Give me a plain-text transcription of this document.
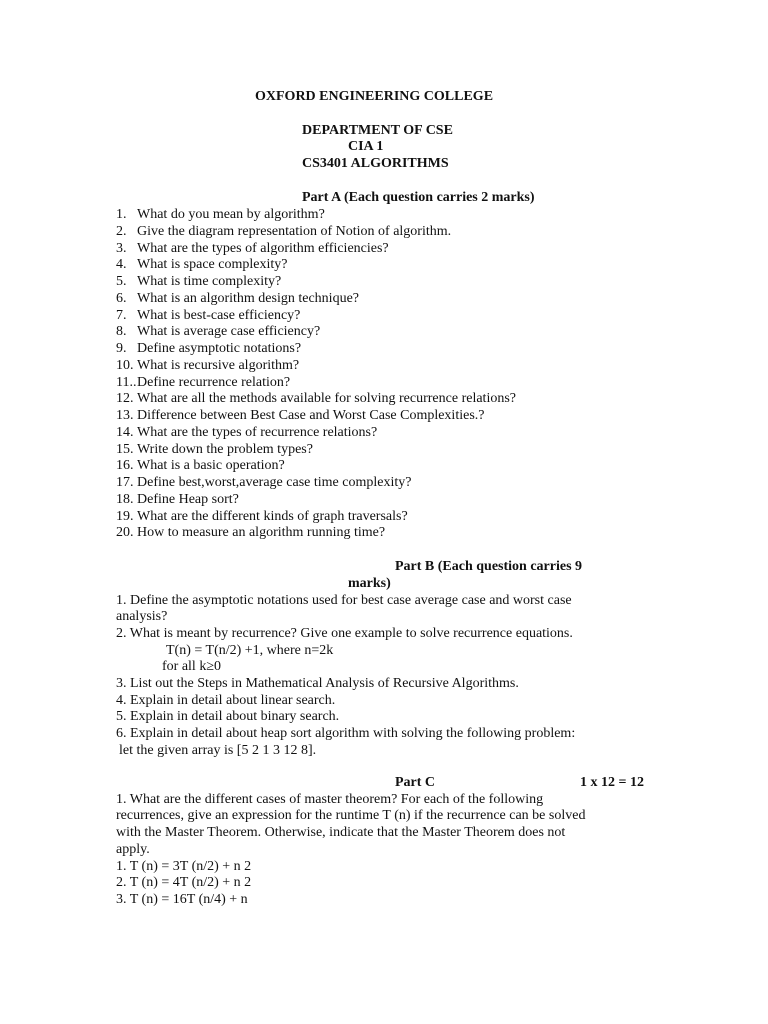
OXFORD ENGINEERING COLLEGE
DEPARTMENT OF CSE
CIA 1
CS3401 ALGORITHMS
Part A (Each question carries 2 marks)
1. What do you mean by algorithm?
2. Give the diagram representation of Notion of algorithm.
3. What are the types of algorithm efficiencies?
4. What is space complexity?
5. What is time complexity?
6. What is an algorithm design technique?
7. What is best-case efficiency?
8. What is average case efficiency?
9. Define asymptotic notations?
10. What is recursive algorithm?
11..Define recurrence relation?
12. What are all the methods available for solving recurrence relations?
13. Difference between Best Case and Worst Case Complexities.?
14. What are the types of recurrence relations?
15. Write down the problem types?
16. What is a basic operation?
17. Define best,worst,average case time complexity?
18. Define Heap sort?
19. What are the different kinds of graph traversals?
20. How to measure an algorithm running time?
Part B (Each question carries 9
marks)
1. Define the asymptotic notations used for best case average case and worst case
analysis?
2. What is meant by recurrence? Give one example to solve recurrence equations.
T(n) = T(n/2) +1, where n=2k
for all k≥0
3. List out the Steps in Mathematical Analysis of Recursive Algorithms.
4. Explain in detail about linear search.
5. Explain in detail about binary search.
6. Explain in detail about heap sort algorithm with solving the following problem:
let the given array is [5 2 1 3 12 8].
Part C	1 x 12 = 12
1. What are the different cases of master theorem? For each of the following
recurrences, give an expression for the runtime T (n) if the recurrence can be solved
with the Master Theorem. Otherwise, indicate that the Master Theorem does not
apply.
1. T (n) = 3T (n/2) + n 2
2. T (n) = 4T (n/2) + n 2
3. T (n) = 16T (n/4) + n
